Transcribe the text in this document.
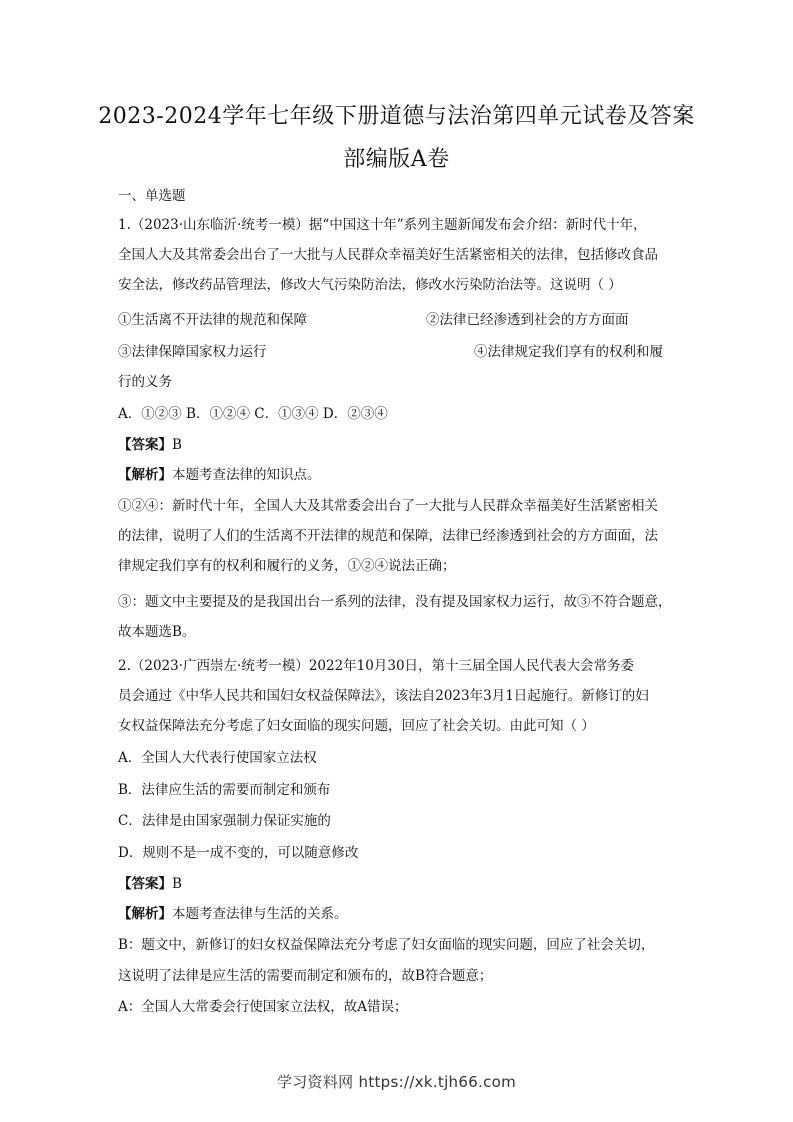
2023-2024学年七年级下册道德与法治第四单元试卷及答案
部编版A卷
一、单选题
1.（2023·山东临沂·统考一模）据“中国这十年”系列主题新闻发布会介绍：新时代十年，
全国人大及其常委会出台了一大批与人民群众幸福美好生活紧密相关的法律，包括修改食品
安全法，修改药品管理法，修改大气污染防治法，修改水污染防治法等。这说明（ ）
①生活离不开法律的规范和保障	②法律已经渗透到社会的方方面面
③法律保障国家权力运行	④法律规定我们享有的权利和履
行的义务
A．①②③ B．①②④ C．①③④ D．②③④
【答案】B
【解析】本题考查法律的知识点。
①②④：新时代十年，全国人大及其常委会出台了一大批与人民群众幸福美好生活紧密相关
的法律，说明了人们的生活离不开法律的规范和保障，法律已经渗透到社会的方方面面，法
律规定我们享有的权利和履行的义务，①②④说法正确；
③：题文中主要提及的是我国出台一系列的法律，没有提及国家权力运行，故③不符合题意，
故本题选B。
2.（2023·广西崇左·统考一模）2022年10月30日，第十三届全国人民代表大会常务委
员会通过《中华人民共和国妇女权益保障法》，该法自2023年3月1日起施行。新修订的妇
女权益保障法充分考虑了妇女面临的现实问题，回应了社会关切。由此可知（ ）
A．全国人大代表行使国家立法权
B．法律应生活的需要而制定和颁布
C．法律是由国家强制力保证实施的
D．规则不是一成不变的，可以随意修改
【答案】B
【解析】本题考查法律与生活的关系。
B：题文中，新修订的妇女权益保障法充分考虑了妇女面临的现实问题，回应了社会关切，
这说明了法律是应生活的需要而制定和颁布的，故B符合题意；
A：全国人大常委会行使国家立法权，故A错误；
学习资料网 https://xk.tjh66.com
